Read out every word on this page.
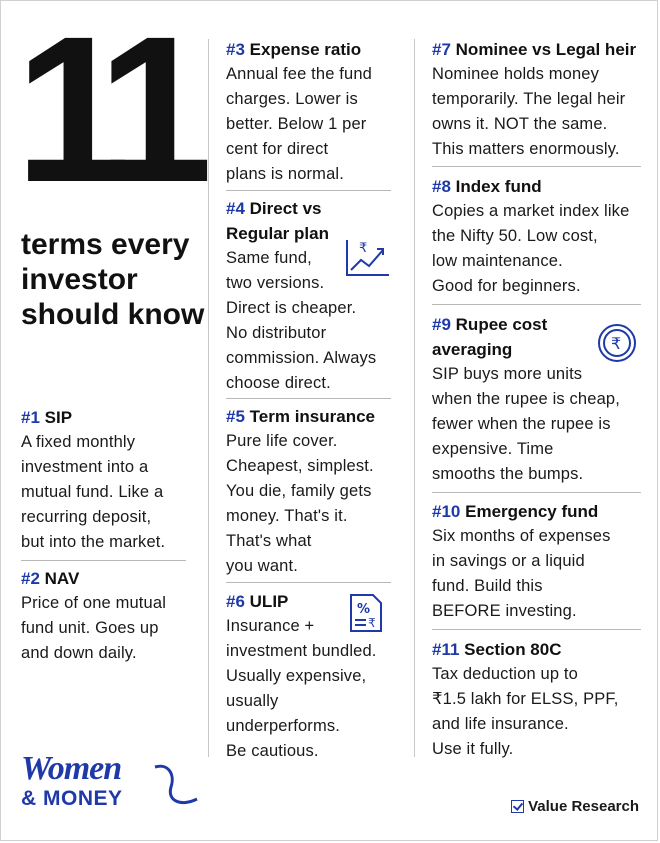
11
terms every investor should know
#1 SIP
A fixed monthly
investment into a
mutual fund. Like a
recurring deposit,
but into the market.
#2 NAV
Price of one mutual
fund unit. Goes up
and down daily.
#3 Expense ratio
Annual fee the fund
charges. Lower is
better. Below 1 per
cent for direct
plans is normal.
#4 Direct vs
Regular plan
Same fund,
two versions.
Direct is cheaper.
No distributor
commission. Always
choose direct.
₹
#5 Term insurance
Pure life cover.
Cheapest, simplest.
You die, family gets
money. That's it.
That's what
you want.
#6 ULIP
Insurance +
investment bundled.
Usually expensive,
usually
underperforms.
Be cautious.
%
₹
#7 Nominee vs Legal heir
Nominee holds money
temporarily. The legal heir
owns it. NOT the same.
This matters enormously.
#8 Index fund
Copies a market index like
the Nifty 50. Low cost,
low maintenance.
Good for beginners.
#9 Rupee cost
averaging
SIP buys more units
when the rupee is cheap,
fewer when the rupee is
expensive. Time
smooths the bumps.
₹
#10 Emergency fund
Six months of expenses
in savings or a liquid
fund. Build this
BEFORE investing.
#11 Section 80C
Tax deduction up to
₹1.5 lakh for ELSS, PPF,
and life insurance.
Use it fully.
Women
& MONEY	Value Research
